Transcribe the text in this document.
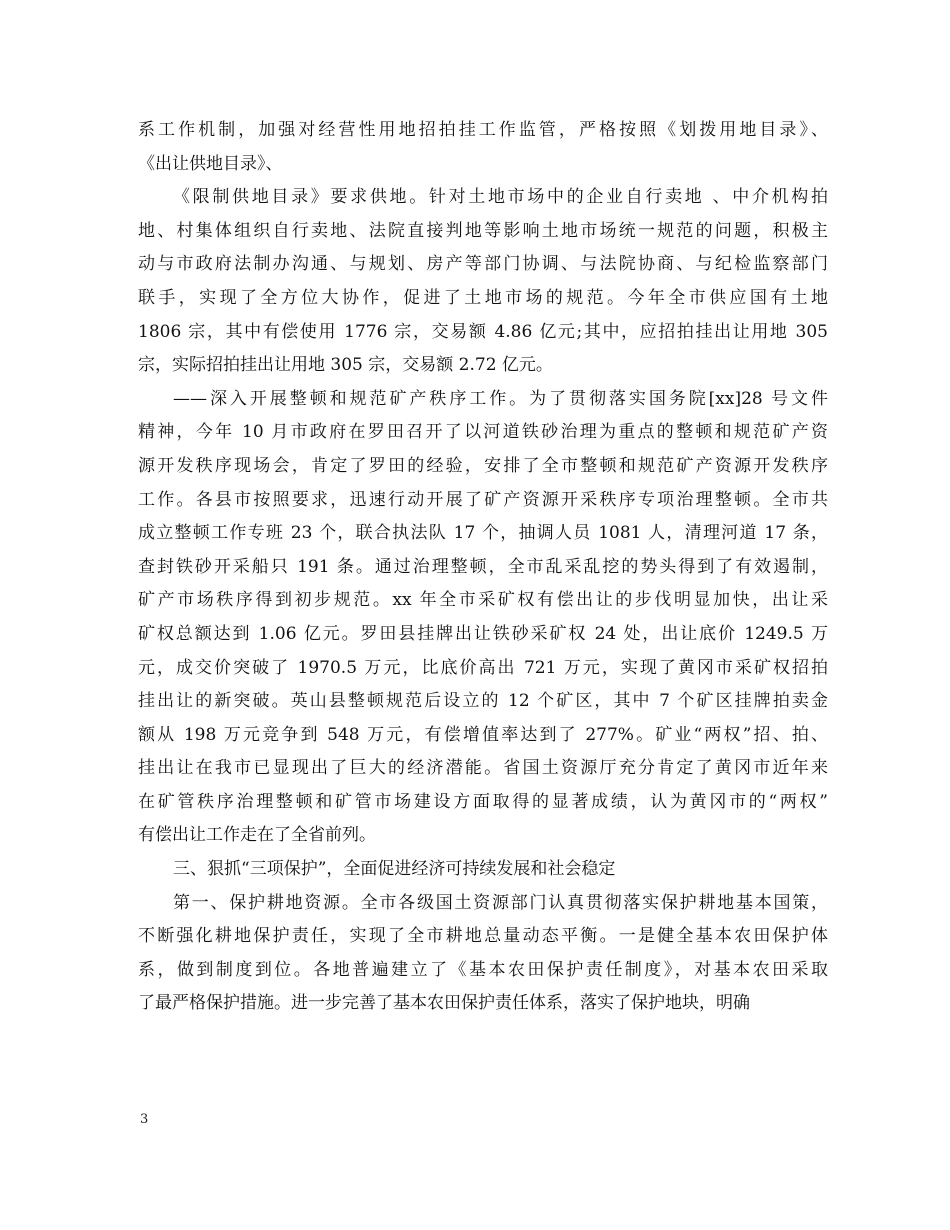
系工作机制，加强对经营性用地招拍挂工作监管，严格按照《划拨用地目录》、
《出让供地目录》、
《限制供地目录》要求供地。针对土地市场中的企业自行卖地 、中介机构拍
地、村集体组织自行卖地、法院直接判地等影响土地市场统一规范的问题，积极主
动与市政府法制办沟通、与规划、房产等部门协调、与法院协商、与纪检监察部门
联手，实现了全方位大协作，促进了土地市场的规范。今年全市供应国有土地
1806 宗，其中有偿使用 1776 宗，交易额 4.86 亿元;其中，应招拍挂出让用地 305
宗，实际招拍挂出让用地 305 宗，交易额 2.72 亿元。
——深入开展整顿和规范矿产秩序工作。为了贯彻落实国务院[xx]28 号文件
精神，今年 10 月市政府在罗田召开了以河道铁砂治理为重点的整顿和规范矿产资
源开发秩序现场会，肯定了罗田的经验，安排了全市整顿和规范矿产资源开发秩序
工作。各县市按照要求，迅速行动开展了矿产资源开采秩序专项治理整顿。全市共
成立整顿工作专班 23 个，联合执法队 17 个，抽调人员 1081 人，清理河道 17 条，
查封铁砂开采船只 191 条。通过治理整顿，全市乱采乱挖的势头得到了有效遏制，
矿产市场秩序得到初步规范。xx 年全市采矿权有偿出让的步伐明显加快，出让采
矿权总额达到 1.06 亿元。罗田县挂牌出让铁砂采矿权 24 处，出让底价 1249.5 万
元，成交价突破了 1970.5 万元，比底价高出 721 万元，实现了黄冈市采矿权招拍
挂出让的新突破。英山县整顿规范后设立的 12 个矿区，其中 7 个矿区挂牌拍卖金
额从 198 万元竞争到 548 万元，有偿增值率达到了 277%。矿业“两权”招、拍、
挂出让在我市已显现出了巨大的经济潜能。省国土资源厅充分肯定了黄冈市近年来
在矿管秩序治理整顿和矿管市场建设方面取得的显著成绩，认为黄冈市的“两权”
有偿出让工作走在了全省前列。
三、狠抓“三项保护”，全面促进经济可持续发展和社会稳定
第一、保护耕地资源。全市各级国土资源部门认真贯彻落实保护耕地基本国策，
不断强化耕地保护责任，实现了全市耕地总量动态平衡。一是健全基本农田保护体
系，做到制度到位。各地普遍建立了《基本农田保护责任制度》，对基本农田采取
了最严格保护措施。进一步完善了基本农田保护责任体系，落实了保护地块，明确
3
